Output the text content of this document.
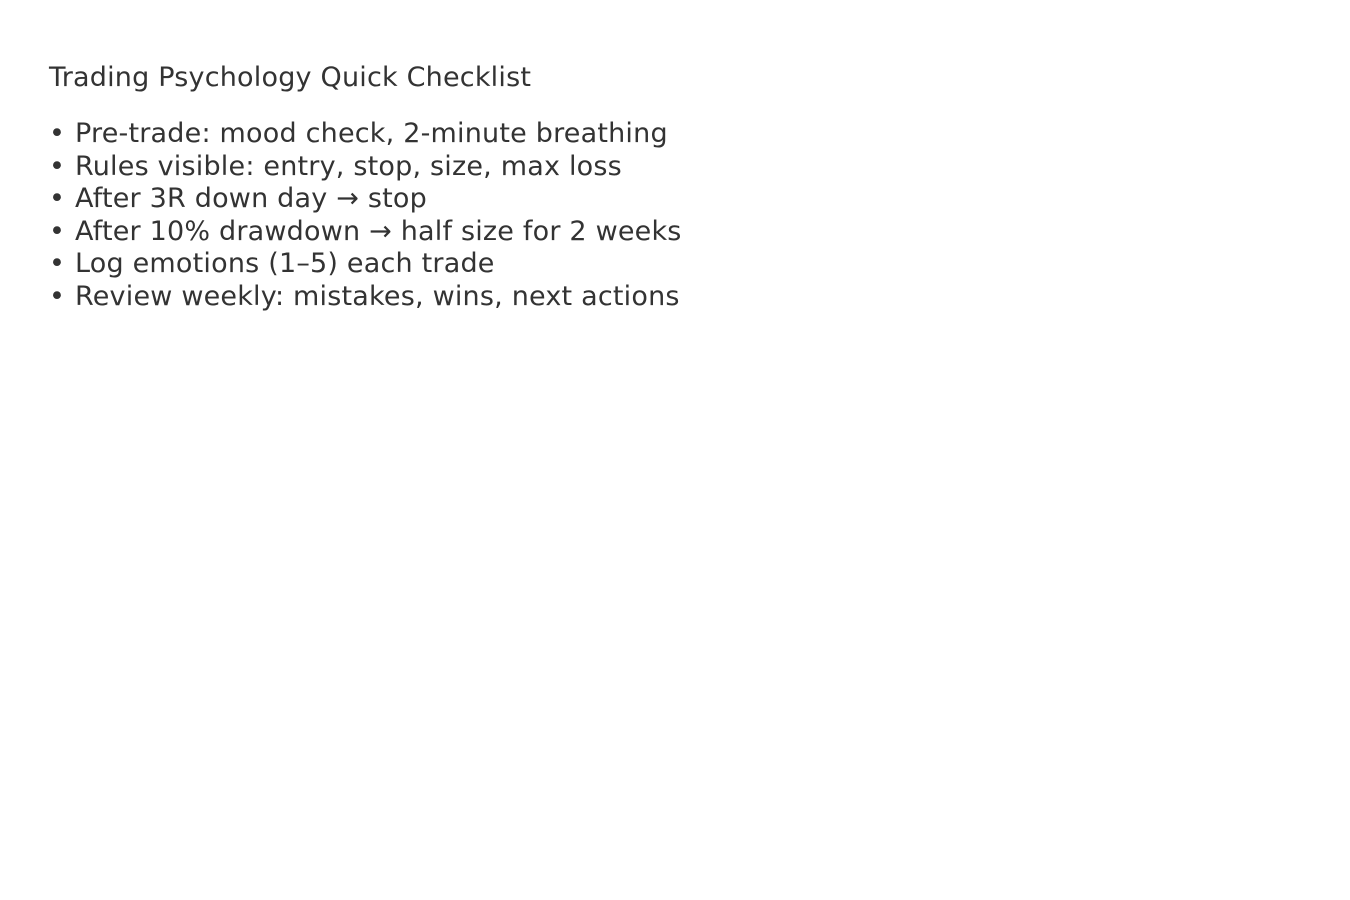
Trading Psychology Quick Checklist
• Pre-trade: mood check, 2-minute breathing
• Rules visible: entry, stop, size, max loss
• After 3R down day → stop
• After 10% drawdown → half size for 2 weeks
• Log emotions (1–5) each trade
• Review weekly: mistakes, wins, next actions
